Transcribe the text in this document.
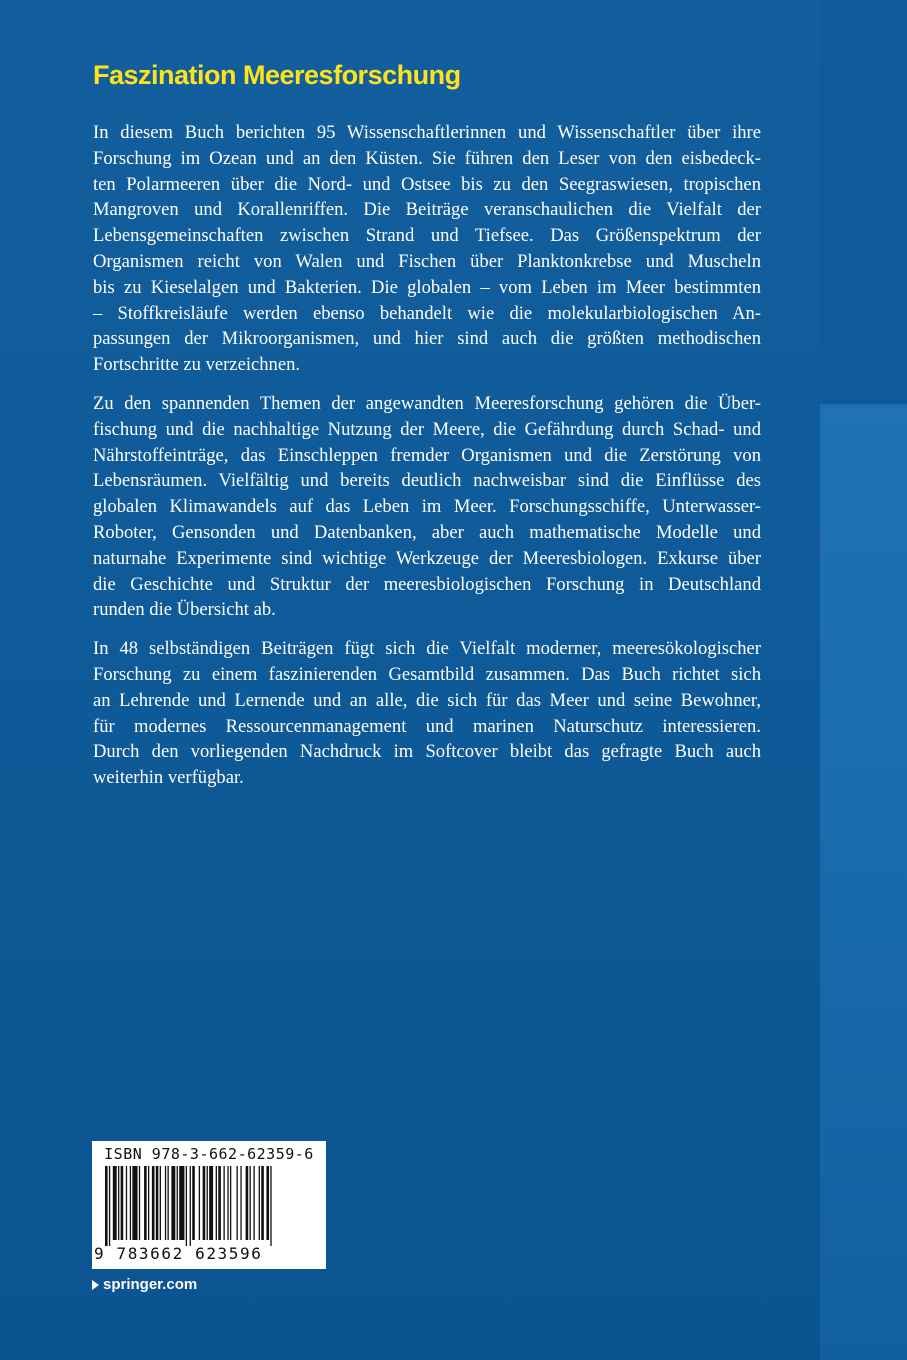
Faszination Meeresforschung
In diesem Buch berichten 95 Wissenschaftlerinnen und Wissenschaftler über ihre
Forschung im Ozean und an den Küsten. Sie führen den Leser von den eisbedeck-
ten Polarmeeren über die Nord- und Ostsee bis zu den Seegraswiesen, tropischen
Mangroven und Korallenriffen. Die Beiträge veranschaulichen die Vielfalt der
Lebensgemeinschaften zwischen Strand und Tiefsee. Das Größenspektrum der
Organismen reicht von Walen und Fischen über Planktonkrebse und Muscheln
bis zu Kieselalgen und Bakterien. Die globalen – vom Leben im Meer bestimmten
– Stoffkreisläufe werden ebenso behandelt wie die molekularbiologischen An-
passungen der Mikroorganismen, und hier sind auch die größten methodischen
Fortschritte zu verzeichnen.
Zu den spannenden Themen der angewandten Meeresforschung gehören die Über-
fischung und die nachhaltige Nutzung der Meere, die Gefährdung durch Schad- und
Nährstoffeinträge, das Einschleppen fremder Organismen und die Zerstörung von
Lebensräumen. Vielfältig und bereits deutlich nachweisbar sind die Einflüsse des
globalen Klimawandels auf das Leben im Meer. Forschungsschiffe, Unterwasser-
Roboter, Gensonden und Datenbanken, aber auch mathematische Modelle und
naturnahe Experimente sind wichtige Werkzeuge der Meeresbiologen. Exkurse über
die Geschichte und Struktur der meeresbiologischen Forschung in Deutschland
runden die Übersicht ab.
In 48 selbständigen Beiträgen fügt sich die Vielfalt moderner, meeresökologischer
Forschung zu einem faszinierenden Gesamtbild zusammen. Das Buch richtet sich
an Lehrende und Lernende und an alle, die sich für das Meer und seine Bewohner,
für modernes Ressourcenmanagement und marinen Naturschutz interessieren.
Durch den vorliegenden Nachdruck im Softcover bleibt das gefragte Buch auch
weiterhin verfügbar.
ISBN 978-3-662-62359-6
9 783662 623596
springer.com
